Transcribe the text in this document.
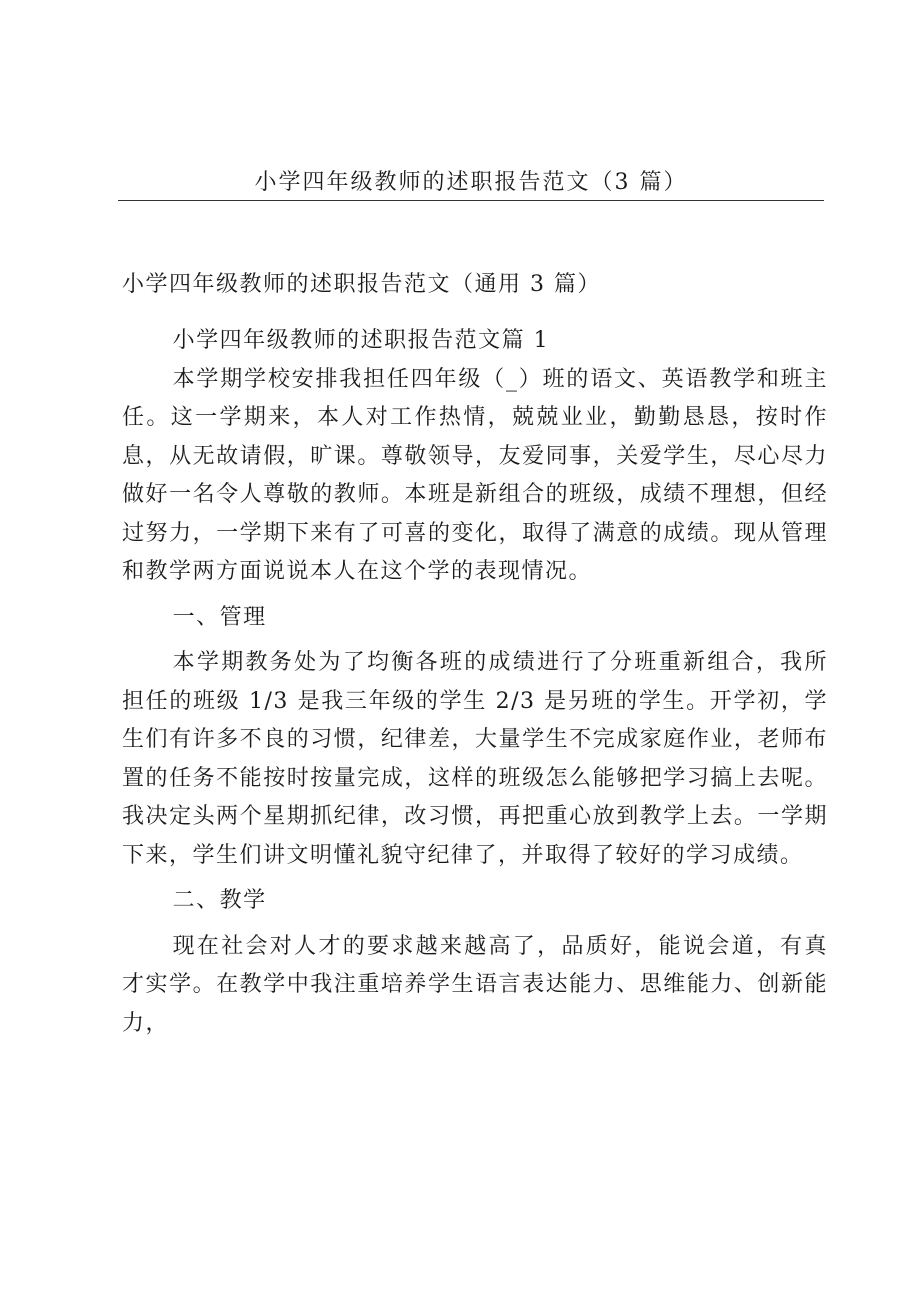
小学四年级教师的述职报告范文（3 篇）
小学四年级教师的述职报告范文（通用 3 篇）

小学四年级教师的述职报告范文篇 1

本学期学校安排我担任四年级（_）班的语文、英语教学和班主任。这一学期来，本人对工作热情，兢兢业业，勤勤恳恳，按时作息，从无故请假，旷课。尊敬领导，友爱同事，关爱学生，尽心尽力做好一名令人尊敬的教师。本班是新组合的班级，成绩不理想，但经过努力，一学期下来有了可喜的变化，取得了满意的成绩。现从管理和教学两方面说说本人在这个学的表现情况。

一、管理

本学期教务处为了均衡各班的成绩进行了分班重新组合，我所担任的班级 1/3 是我三年级的学生 2/3 是另班的学生。开学初，学生们有许多不良的习惯，纪律差，大量学生不完成家庭作业，老师布置的任务不能按时按量完成，这样的班级怎么能够把学习搞上去呢。我决定头两个星期抓纪律，改习惯，再把重心放到教学上去。一学期下来，学生们讲文明懂礼貌守纪律了，并取得了较好的学习成绩。

二、教学

现在社会对人才的要求越来越高了，品质好，能说会道，有真才实学。在教学中我注重培养学生语言表达能力、思维能力、创新能力，
